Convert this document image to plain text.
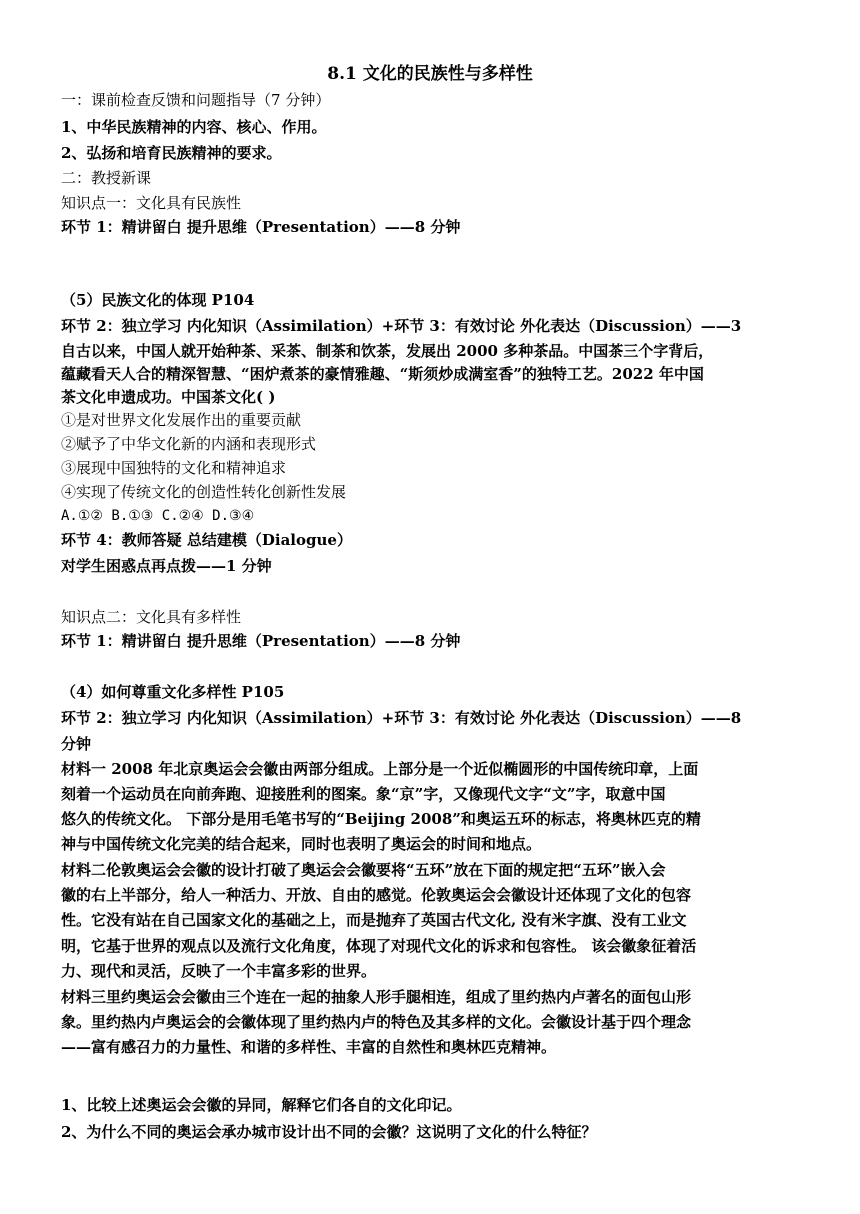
8.1 文化的民族性与多样性
一：课前检查反馈和问题指导（7 分钟）
1、中华民族精神的内容、核心、作用。
2、弘扬和培育民族精神的要求。
二：教授新课
知识点一：文化具有民族性
环节 1：精讲留白 提升思维（Presentation）——8 分钟
（5）民族文化的体现 P104
环节 2：独立学习 内化知识（Assimilation）+环节 3：有效讨论 外化表达（Discussion）——3
自古以来，中国人就开始种茶、采茶、制茶和饮茶，发展出 2000 多种茶品。中国茶三个字背后，
蕴藏看天人合的精深智慧、“困炉煮茶的豪情雅趣、“斯须炒成满室香”的独特工艺。2022 年中国
茶文化申遗成功。中国茶文化( )
①是对世界文化发展作出的重要贡献
②赋予了中华文化新的内涵和表现形式
③展现中国独特的文化和精神追求
④实现了传统文化的创造性转化创新性发展
A.①② B.①③ C.②④ D.③④
环节 4：教师答疑 总结建模（Dialogue）
对学生困惑点再点拨——1 分钟
知识点二：文化具有多样性
环节 1：精讲留白 提升思维（Presentation）——8 分钟
（4）如何尊重文化多样性 P105
环节 2：独立学习 内化知识（Assimilation）+环节 3：有效讨论 外化表达（Discussion）——8
分钟
材料一 2008 年北京奥运会会徽由两部分组成。上部分是一个近似椭圆形的中国传统印章，上面
刻着一个运动员在向前奔跑、迎接胜利的图案。象“京”字，又像现代文字“文”字，取意中国
悠久的传统文化。 下部分是用毛笔书写的“Beijing 2008”和奥运五环的标志，将奥林匹克的精
神与中国传统文化完美的结合起来，同时也表明了奥运会的时间和地点。
材料二伦敦奥运会会徽的设计打破了奥运会会徽要将“五环”放在下面的规定把“五环”嵌入会
徽的右上半部分，给人一种活力、开放、自由的感觉。伦敦奥运会会徽设计还体现了文化的包容
性。它没有站在自己国家文化的基础之上，而是抛弃了英国古代文化, 没有米字旗、没有工业文
明，它基于世界的观点以及流行文化角度，体现了对现代文化的诉求和包容性。 该会徽象征着活
力、现代和灵活，反映了一个丰富多彩的世界。
材料三里约奥运会会徽由三个连在一起的抽象人形手腿相连，组成了里约热内卢著名的面包山形
象。里约热内卢奥运会的会徽体现了里约热内卢的特色及其多样的文化。会徽设计基于四个理念
——富有感召力的力量性、和谐的多样性、丰富的自然性和奥林匹克精神。
1、比较上述奥运会会徽的异同，解释它们各自的文化印记。
2、为什么不同的奥运会承办城市设计出不同的会徽？这说明了文化的什么特征？
